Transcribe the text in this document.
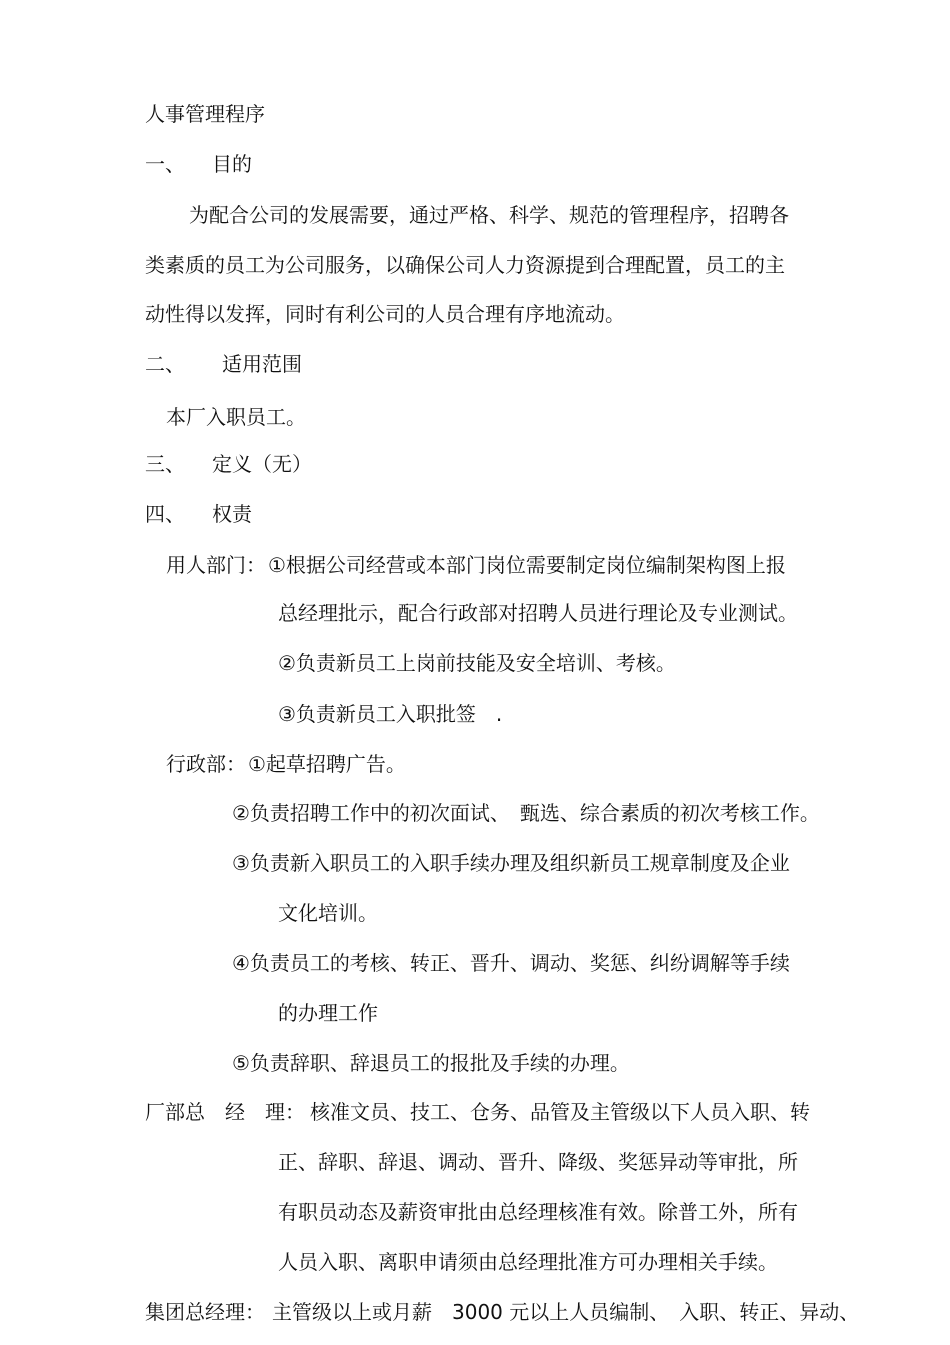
人事管理程序
一、 目的
为配合公司的发展需要，通过严格、科学、规范的管理程序，招聘各
类素质的员工为公司服务，以确保公司人力资源提到合理配置，员工的主
动性得以发挥，同时有利公司的人员合理有序地流动。
二、 适用范围
本厂入职员工。
三、 定义（无）
四、 权责
用人部门： ①根据公司经营或本部门岗位需要制定岗位编制架构图上报
总经理批示，配合行政部对招聘人员进行理论及专业测试。
②负责新员工上岗前技能及安全培训、考核。
③负责新员工入职批签　.
行政部： ①起草招聘广告。
②负责招聘工作中的初次面试、　甄选、综合素质的初次考核工作。
③负责新入职员工的入职手续办理及组织新员工规章制度及企业
文化培训。
④负责员工的考核、转正、晋升、调动、奖惩、纠纷调解等手续
的办理工作
⑤负责辞职、辞退员工的报批及手续的办理。
厂部总　经　理： 核准文员、技工、仓务、品管及主管级以下人员入职、转
正、辞职、辞退、调动、晋升、降级、奖惩异动等审批，所
有职员动态及薪资审批由总经理核准有效。除普工外，所有
人员入职、离职申请须由总经理批准方可办理相关手续。
集团总经理： 主管级以上或月薪　3000 元以上人员编制、　入职、转正、异动、
